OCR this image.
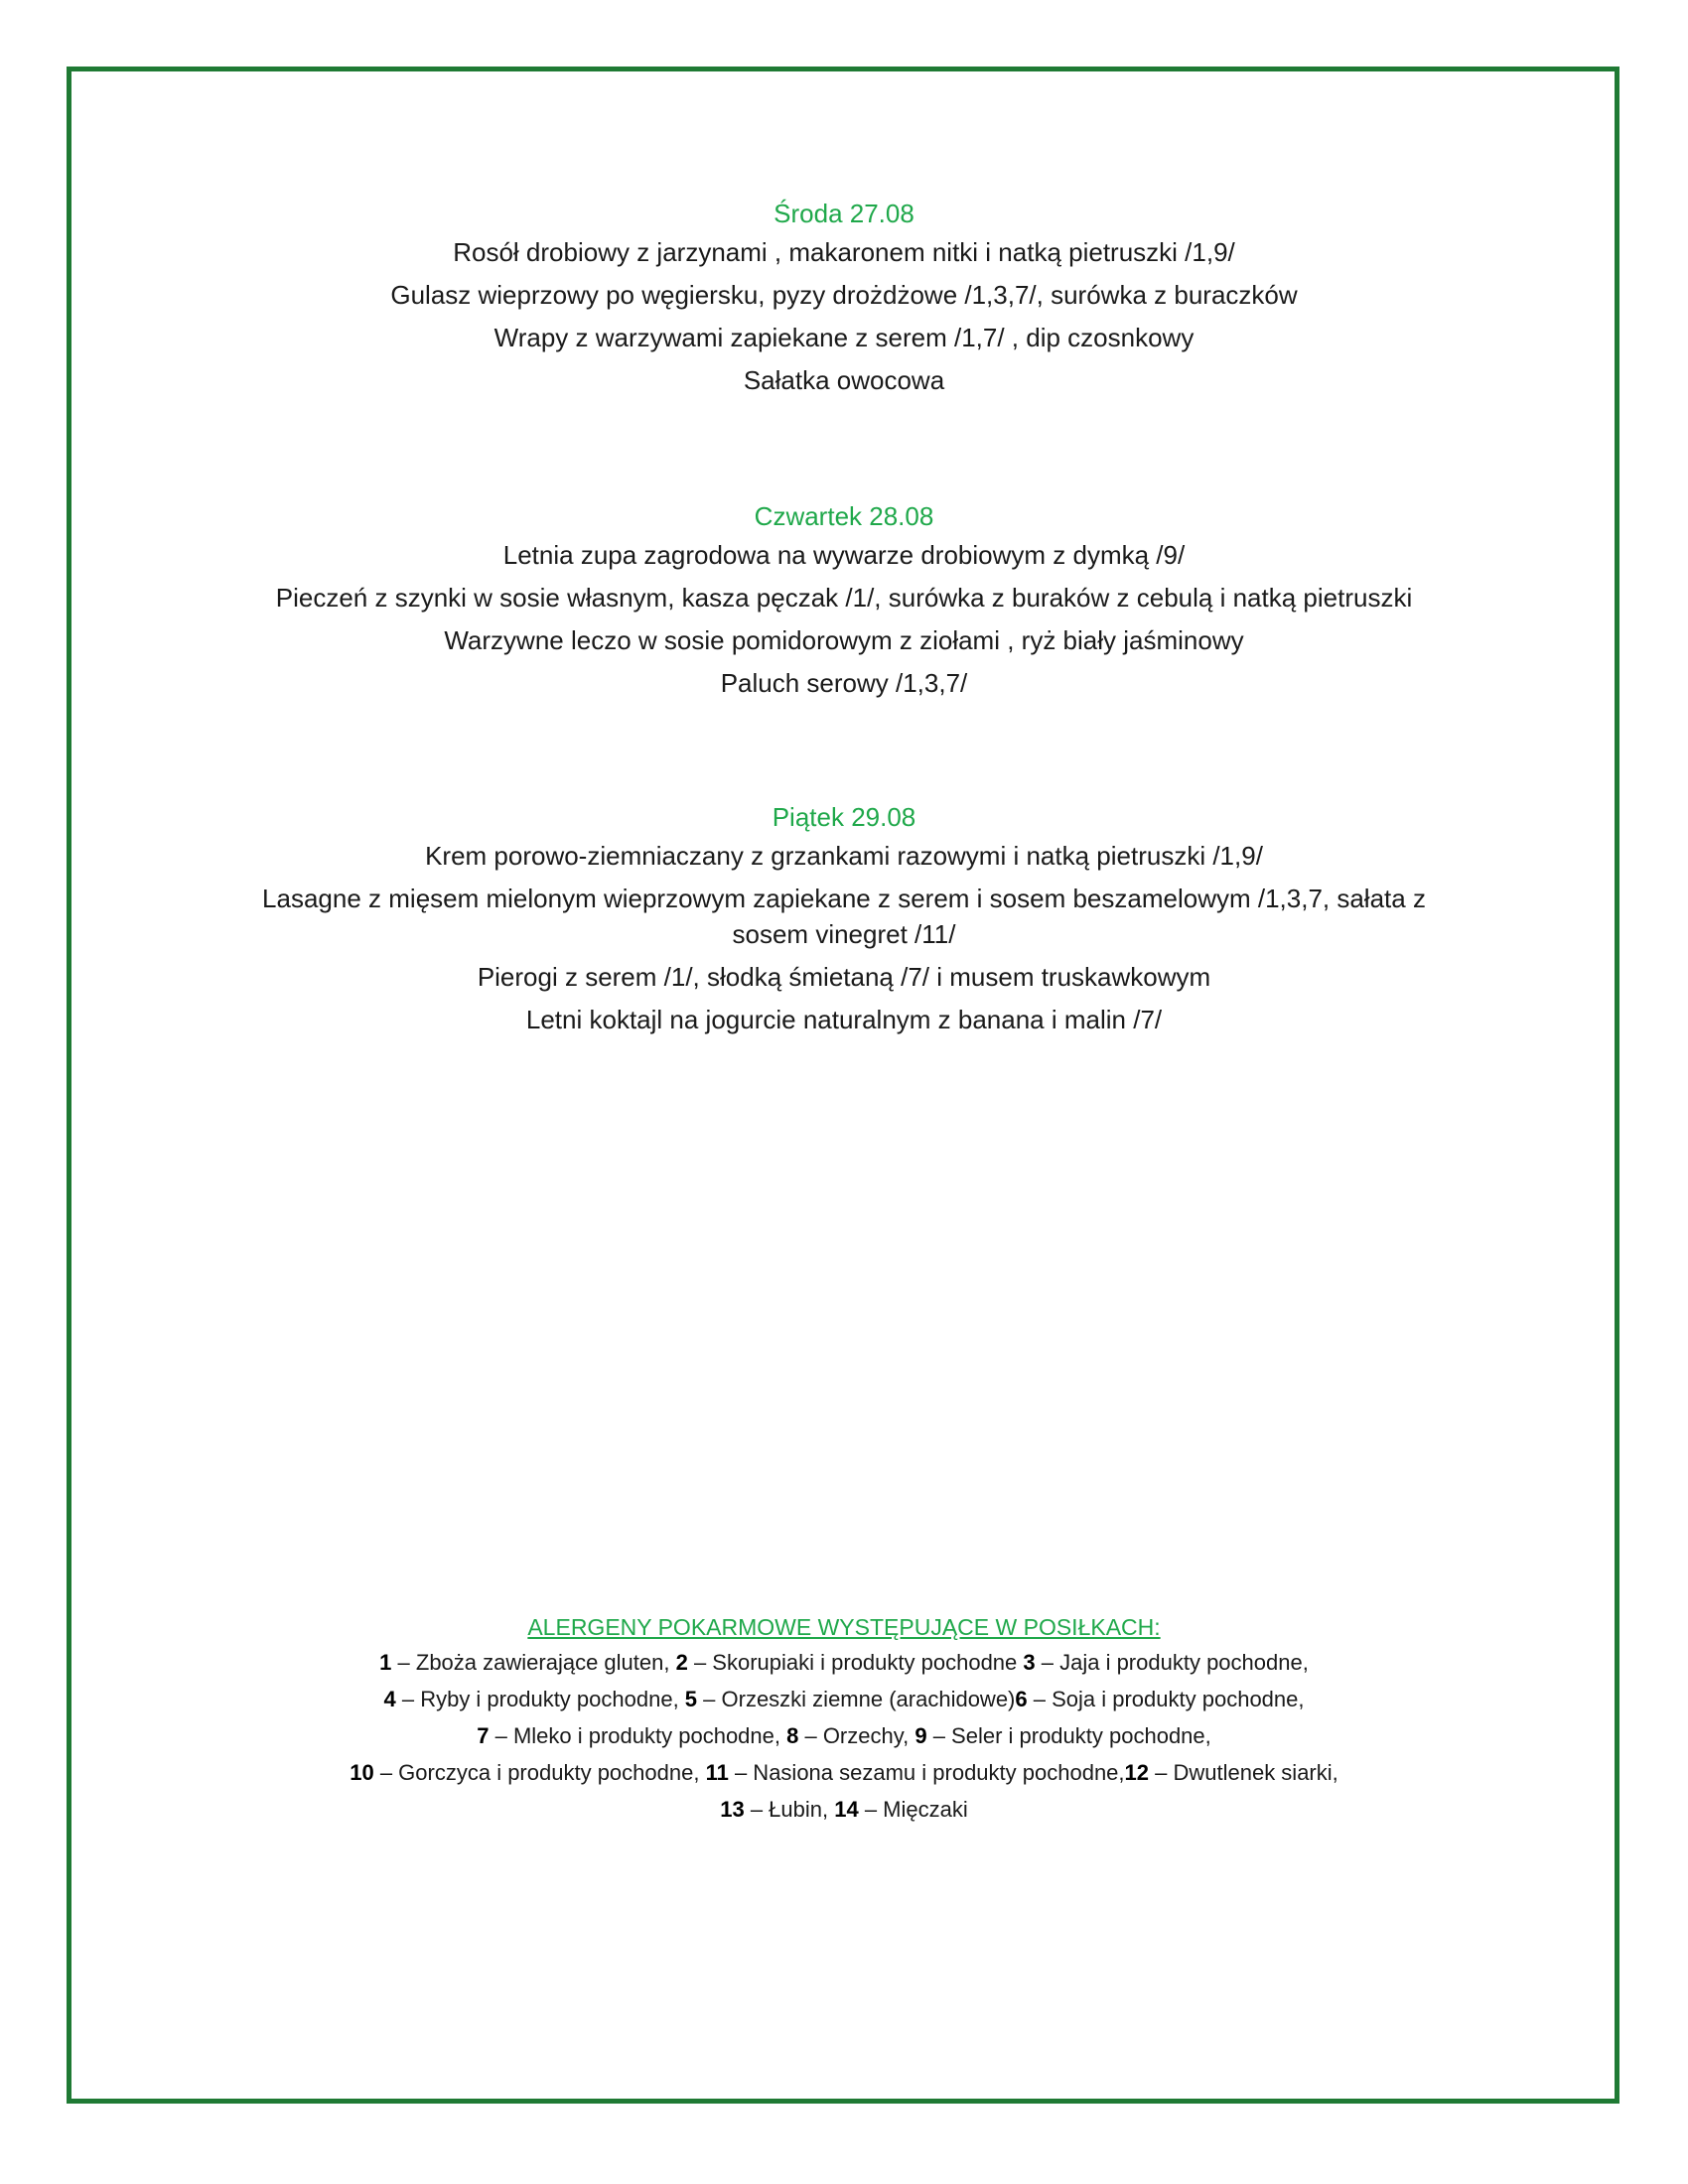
Środa 27.08

Rosół drobiowy z jarzynami , makaronem nitki i natką pietruszki /1,9/

Gulasz wieprzowy po węgiersku, pyzy drożdżowe /1,3,7/, surówka z buraczków

Wrapy z warzywami zapiekane z serem /1,7/ , dip czosnkowy

Sałatka owocowa

Czwartek 28.08

Letnia zupa zagrodowa na wywarze drobiowym z dymką /9/

Pieczeń z szynki w sosie własnym, kasza pęczak /1/, surówka z buraków z cebulą i natką pietruszki

Warzywne leczo w sosie pomidorowym z ziołami , ryż biały jaśminowy

Paluch serowy /1,3,7/

Piątek 29.08

Krem porowo-ziemniaczany z grzankami razowymi i natką pietruszki /1,9/

Lasagne z mięsem mielonym wieprzowym zapiekane z serem i sosem beszamelowym /1,3,7, sałata z sosem vinegret /11/

Pierogi z serem /1/, słodką śmietaną /7/ i musem truskawkowym

Letni koktajl na jogurcie naturalnym z banana i malin /7/

ALERGENY POKARMOWE WYSTĘPUJĄCE W POSIŁKACH:

1 – Zboża zawierające gluten, 2 – Skorupiaki i produkty pochodne 3 – Jaja i produkty pochodne,

4 – Ryby i produkty pochodne, 5 – Orzeszki ziemne (arachidowe)6 – Soja i produkty pochodne,

7 – Mleko i produkty pochodne, 8 – Orzechy, 9 – Seler i produkty pochodne,

10 – Gorczyca i produkty pochodne, 11 – Nasiona sezamu i produkty pochodne,12 – Dwutlenek siarki,

13 – Łubin, 14 – Mięczaki
